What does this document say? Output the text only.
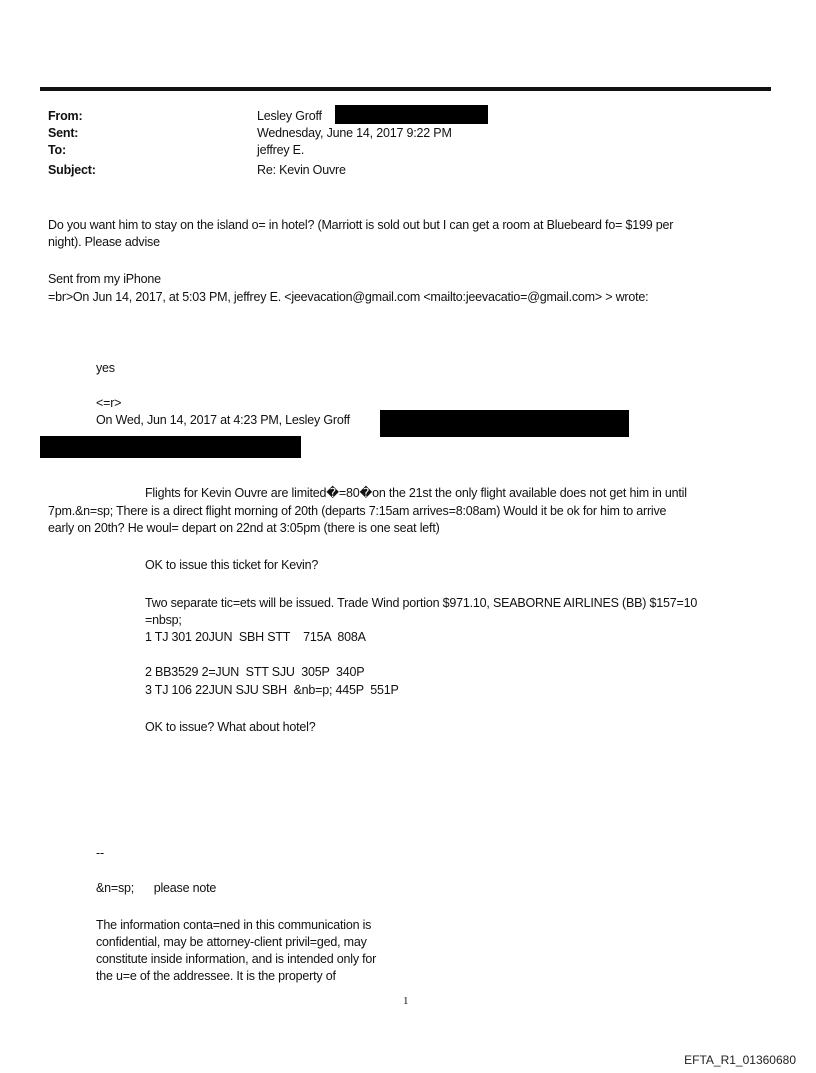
From:	Lesley Groff
Sent:	Wednesday, June 14, 2017 9:22 PM
To:	jeffrey E.
Subject:	Re: Kevin Ouvre
Do you want him to stay on the island o= in hotel? (Marriott is sold out but I can get a room at Bluebeard fo= $199 per
night). Please advise
Sent from my iPhone
=br>On Jun 14, 2017, at 5:03 PM, jeffrey E. <jeevacation@gmail.com <mailto:jeevacatio=@gmail.com> > wrote:
yes
<=r>
On Wed, Jun 14, 2017 at 4:23 PM, Lesley Groff
Flights for Kevin Ouvre are limited�=80�on the 21st the only flight available does not get him in until
7pm.&n=sp; There is a direct flight morning of 20th (departs 7:15am arrives=8:08am) Would it be ok for him to arrive
early on 20th? He woul= depart on 22nd at 3:05pm (there is one seat left)
OK to issue this ticket for Kevin?
Two separate tic=ets will be issued. Trade Wind portion $971.10, SEABORNE AIRLINES (BB) $157=10
=nbsp;
1 TJ 301 20JUN  SBH STT    715A  808A
2 BB3529 2=JUN  STT SJU  305P  340P
3 TJ 106 22JUN SJU SBH  &nb=p; 445P  551P
OK to issue? What about hotel?
--
&n=sp;      please note
The information conta=ned in this communication is
confidential, may be attorney-client privil=ged, may
constitute inside information, and is intended only for
the u=e of the addressee. It is the property of
1
EFTA_R1_01360680
